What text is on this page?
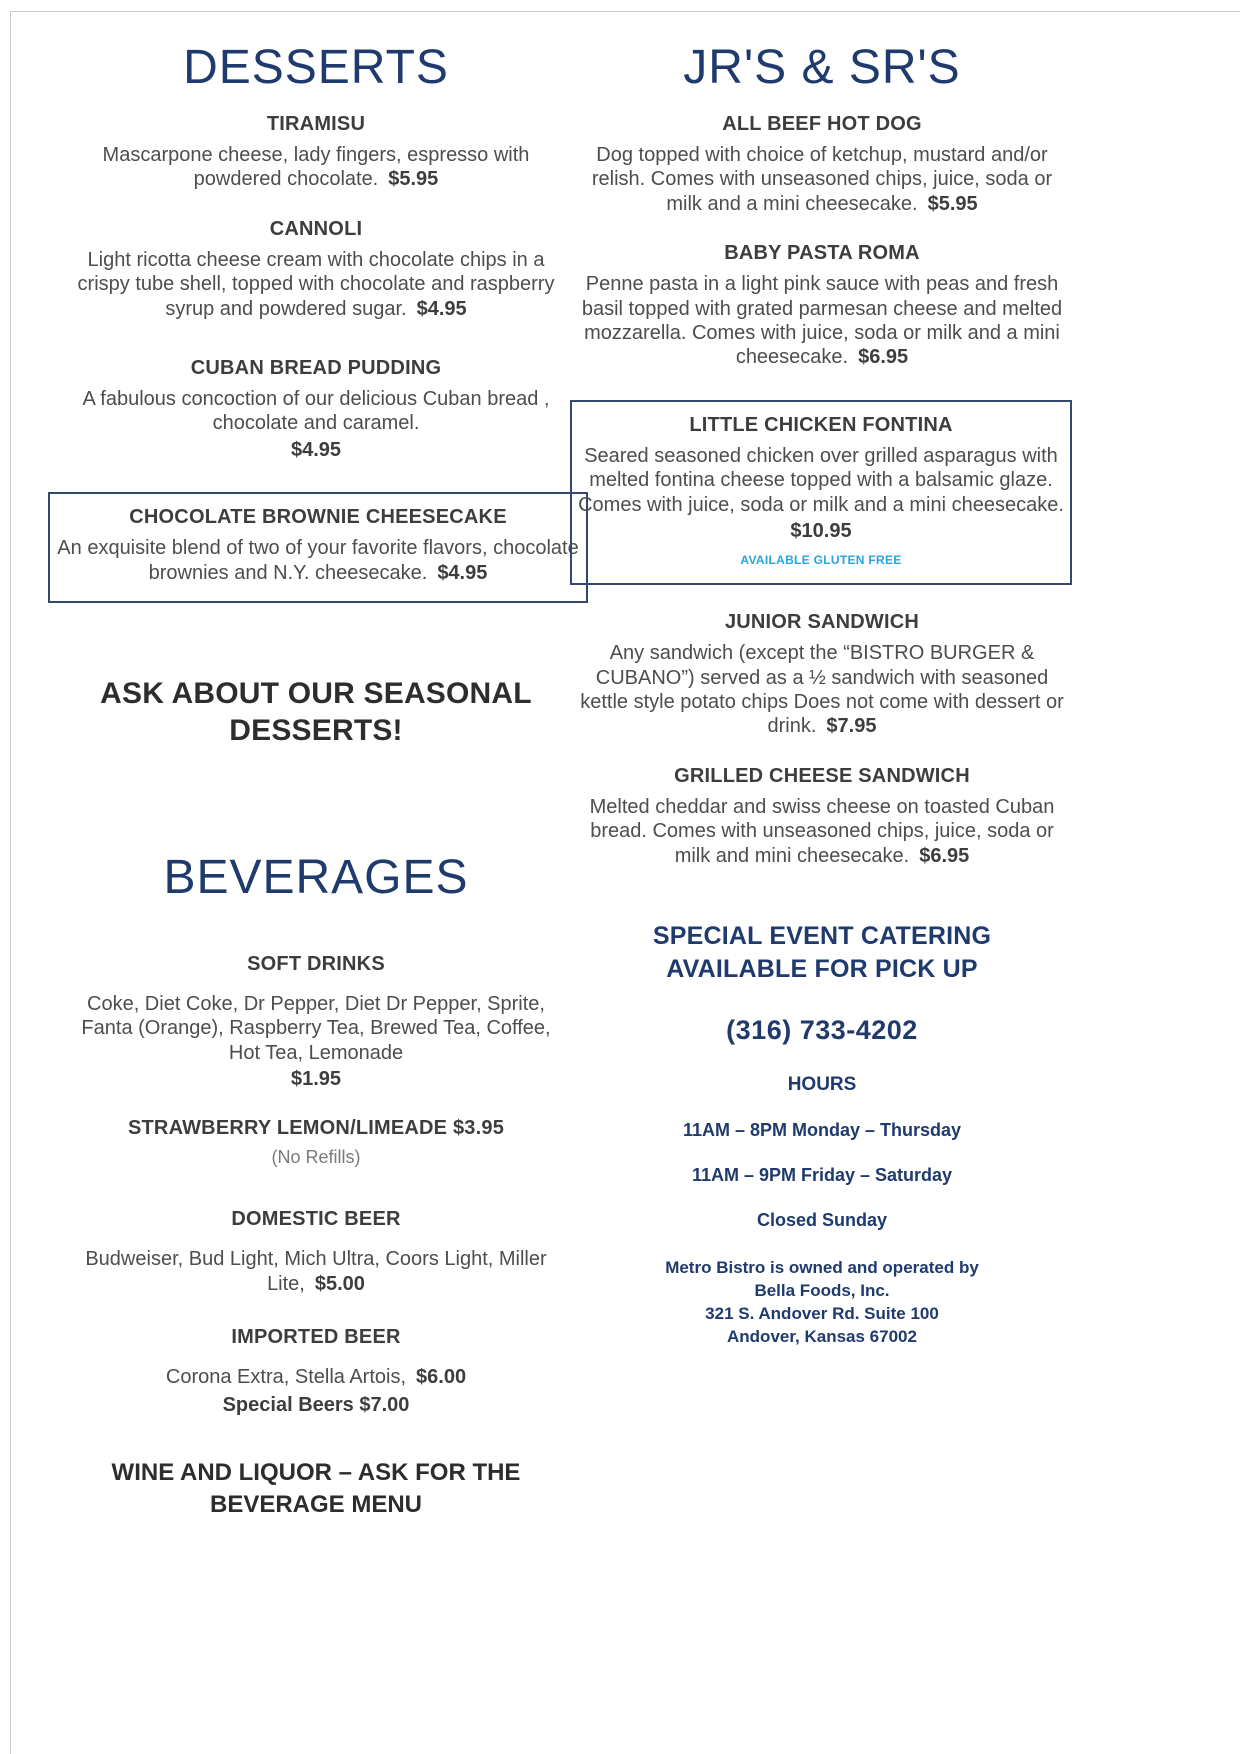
DESSERTS
TIRAMISU
Mascarpone cheese, lady fingers, espresso with powdered chocolate. $5.95
CANNOLI
Light ricotta cheese cream with chocolate chips in a crispy tube shell, topped with chocolate and raspberry syrup and powdered sugar. $4.95
CUBAN BREAD PUDDING
A fabulous concoction of our delicious Cuban bread , chocolate and caramel.
$4.95
CHOCOLATE BROWNIE CHEESECAKE
An exquisite blend of two of your favorite flavors, chocolate brownies and N.Y. cheesecake. $4.95
ASK ABOUT OUR SEASONAL
DESSERTS!
BEVERAGES
SOFT DRINKS
Coke, Diet Coke, Dr Pepper, Diet Dr Pepper, Sprite, Fanta (Orange), Raspberry Tea, Brewed Tea, Coffee, Hot Tea, Lemonade
$1.95
STRAWBERRY LEMON/LIMEADE $3.95
(No Refills)
DOMESTIC BEER
Budweiser, Bud Light, Mich Ultra, Coors Light, Miller Lite, $5.00
IMPORTED BEER
Corona Extra, Stella Artois, $6.00
Special Beers $7.00
WINE AND LIQUOR – ASK FOR THE
BEVERAGE MENU
JR'S & SR'S
ALL BEEF HOT DOG
Dog topped with choice of ketchup, mustard and/or relish. Comes with unseasoned chips, juice, soda or milk and a mini cheesecake. $5.95
BABY PASTA ROMA
Penne pasta in a light pink sauce with peas and fresh basil topped with grated parmesan cheese and melted mozzarella. Comes with juice, soda or milk and a mini cheesecake. $6.95
LITTLE CHICKEN FONTINA
Seared seasoned chicken over grilled asparagus with melted fontina cheese topped with a balsamic glaze. Comes with juice, soda or milk and a mini cheesecake.
$10.95
AVAILABLE GLUTEN FREE
JUNIOR SANDWICH
Any sandwich (except the “BISTRO BURGER & CUBANO”) served as a ½ sandwich with seasoned kettle style potato chips Does not come with dessert or drink. $7.95
GRILLED CHEESE SANDWICH
Melted cheddar and swiss cheese on toasted Cuban bread. Comes with unseasoned chips, juice, soda or milk and mini cheesecake. $6.95
SPECIAL EVENT CATERING
AVAILABLE FOR PICK UP
(316) 733-4202
HOURS
11AM – 8PM Monday – Thursday
11AM – 9PM Friday – Saturday
Closed Sunday
Metro Bistro is owned and operated by
Bella Foods, Inc.
321 S. Andover Rd. Suite 100
Andover, Kansas 67002
